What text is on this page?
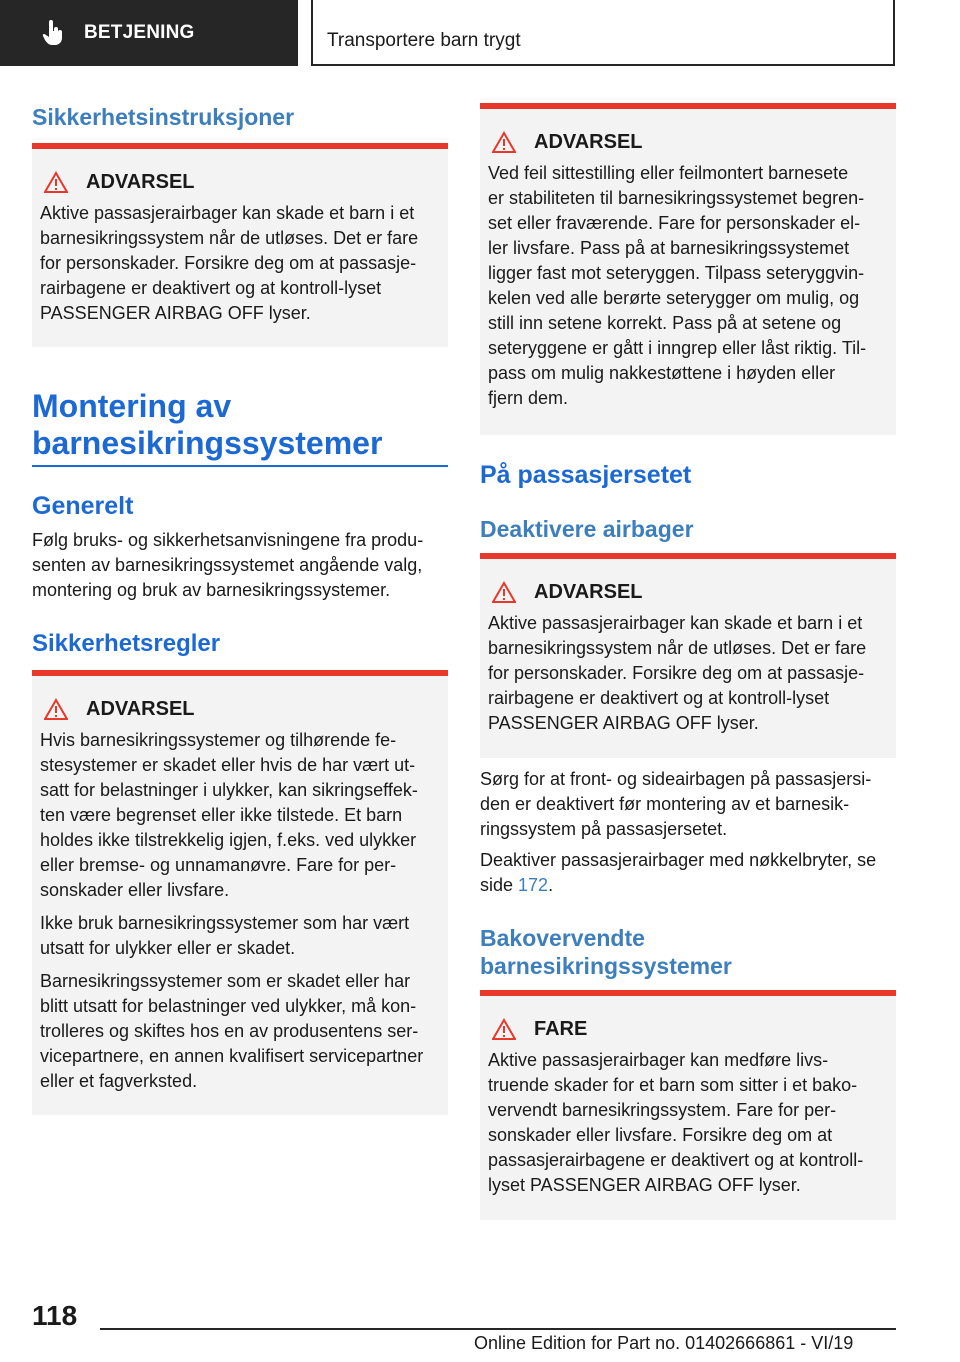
BETJENING	Transportere barn trygt
Sikkerhetsinstruksjoner
ADVARSEL

Aktive passasjerairbager kan skade et barn i et
barnesikringssystem når de utløses. Det er fare
for personskader. Forsikre deg om at passasje-
rairbagene er deaktivert og at kontroll-lyset
PASSENGER AIRBAG OFF lyser.

Montering av
barnesikringssystemer
Generelt

Følg bruks- og sikkerhetsanvisningene fra produ-
senten av barnesikringssystemet angående valg,
montering og bruk av barnesikringssystemer.

Sikkerhetsregler
ADVARSEL

Hvis barnesikringssystemer og tilhørende fe-
stesystemer er skadet eller hvis de har vært ut-
satt for belastninger i ulykker, kan sikringseffek-
ten være begrenset eller ikke tilstede. Et barn
holdes ikke tilstrekkelig igjen, f.eks. ved ulykker
eller bremse- og unnamanøvre. Fare for per-
sonskader eller livsfare.

Ikke bruk barnesikringssystemer som har vært
utsatt for ulykker eller er skadet.

Barnesikringssystemer som er skadet eller har
blitt utsatt for belastninger ved ulykker, må kon-
trolleres og skiftes hos en av produsentens ser-
vicepartnere, en annen kvalifisert servicepartner
eller et fagverksted.

ADVARSEL

Ved feil sittestilling eller feilmontert barnesete
er stabiliteten til barnesikringssystemet begren-
set eller fraværende. Fare for personskader el-
ler livsfare. Pass på at barnesikringssystemet
ligger fast mot seteryggen. Tilpass seteryggvin-
kelen ved alle berørte seterygger om mulig, og
still inn setene korrekt. Pass på at setene og
seteryggene er gått i inngrep eller låst riktig. Til-
pass om mulig nakkestøttene i høyden eller
fjern dem.

På passasjersetet
Deaktivere airbager
ADVARSEL

Aktive passasjerairbager kan skade et barn i et
barnesikringssystem når de utløses. Det er fare
for personskader. Forsikre deg om at passasje-
rairbagene er deaktivert og at kontroll-lyset
PASSENGER AIRBAG OFF lyser.

Sørg for at front- og sideairbagen på passasjersi-
den er deaktivert før montering av et barnesik-
ringssystem på passasjersetet.

Deaktiver passasjerairbager med nøkkelbryter, se
side 172.

Bakovervendte
barnesikringssystemer
FARE

Aktive passasjerairbager kan medføre livs-
truende skader for et barn som sitter i et bako-
vervendt barnesikringssystem. Fare for per-
sonskader eller livsfare. Forsikre deg om at
passasjerairbagene er deaktivert og at kontroll-
lyset PASSENGER AIRBAG OFF lyser.

118
Online Edition for Part no. 01402666861 - VI/19
